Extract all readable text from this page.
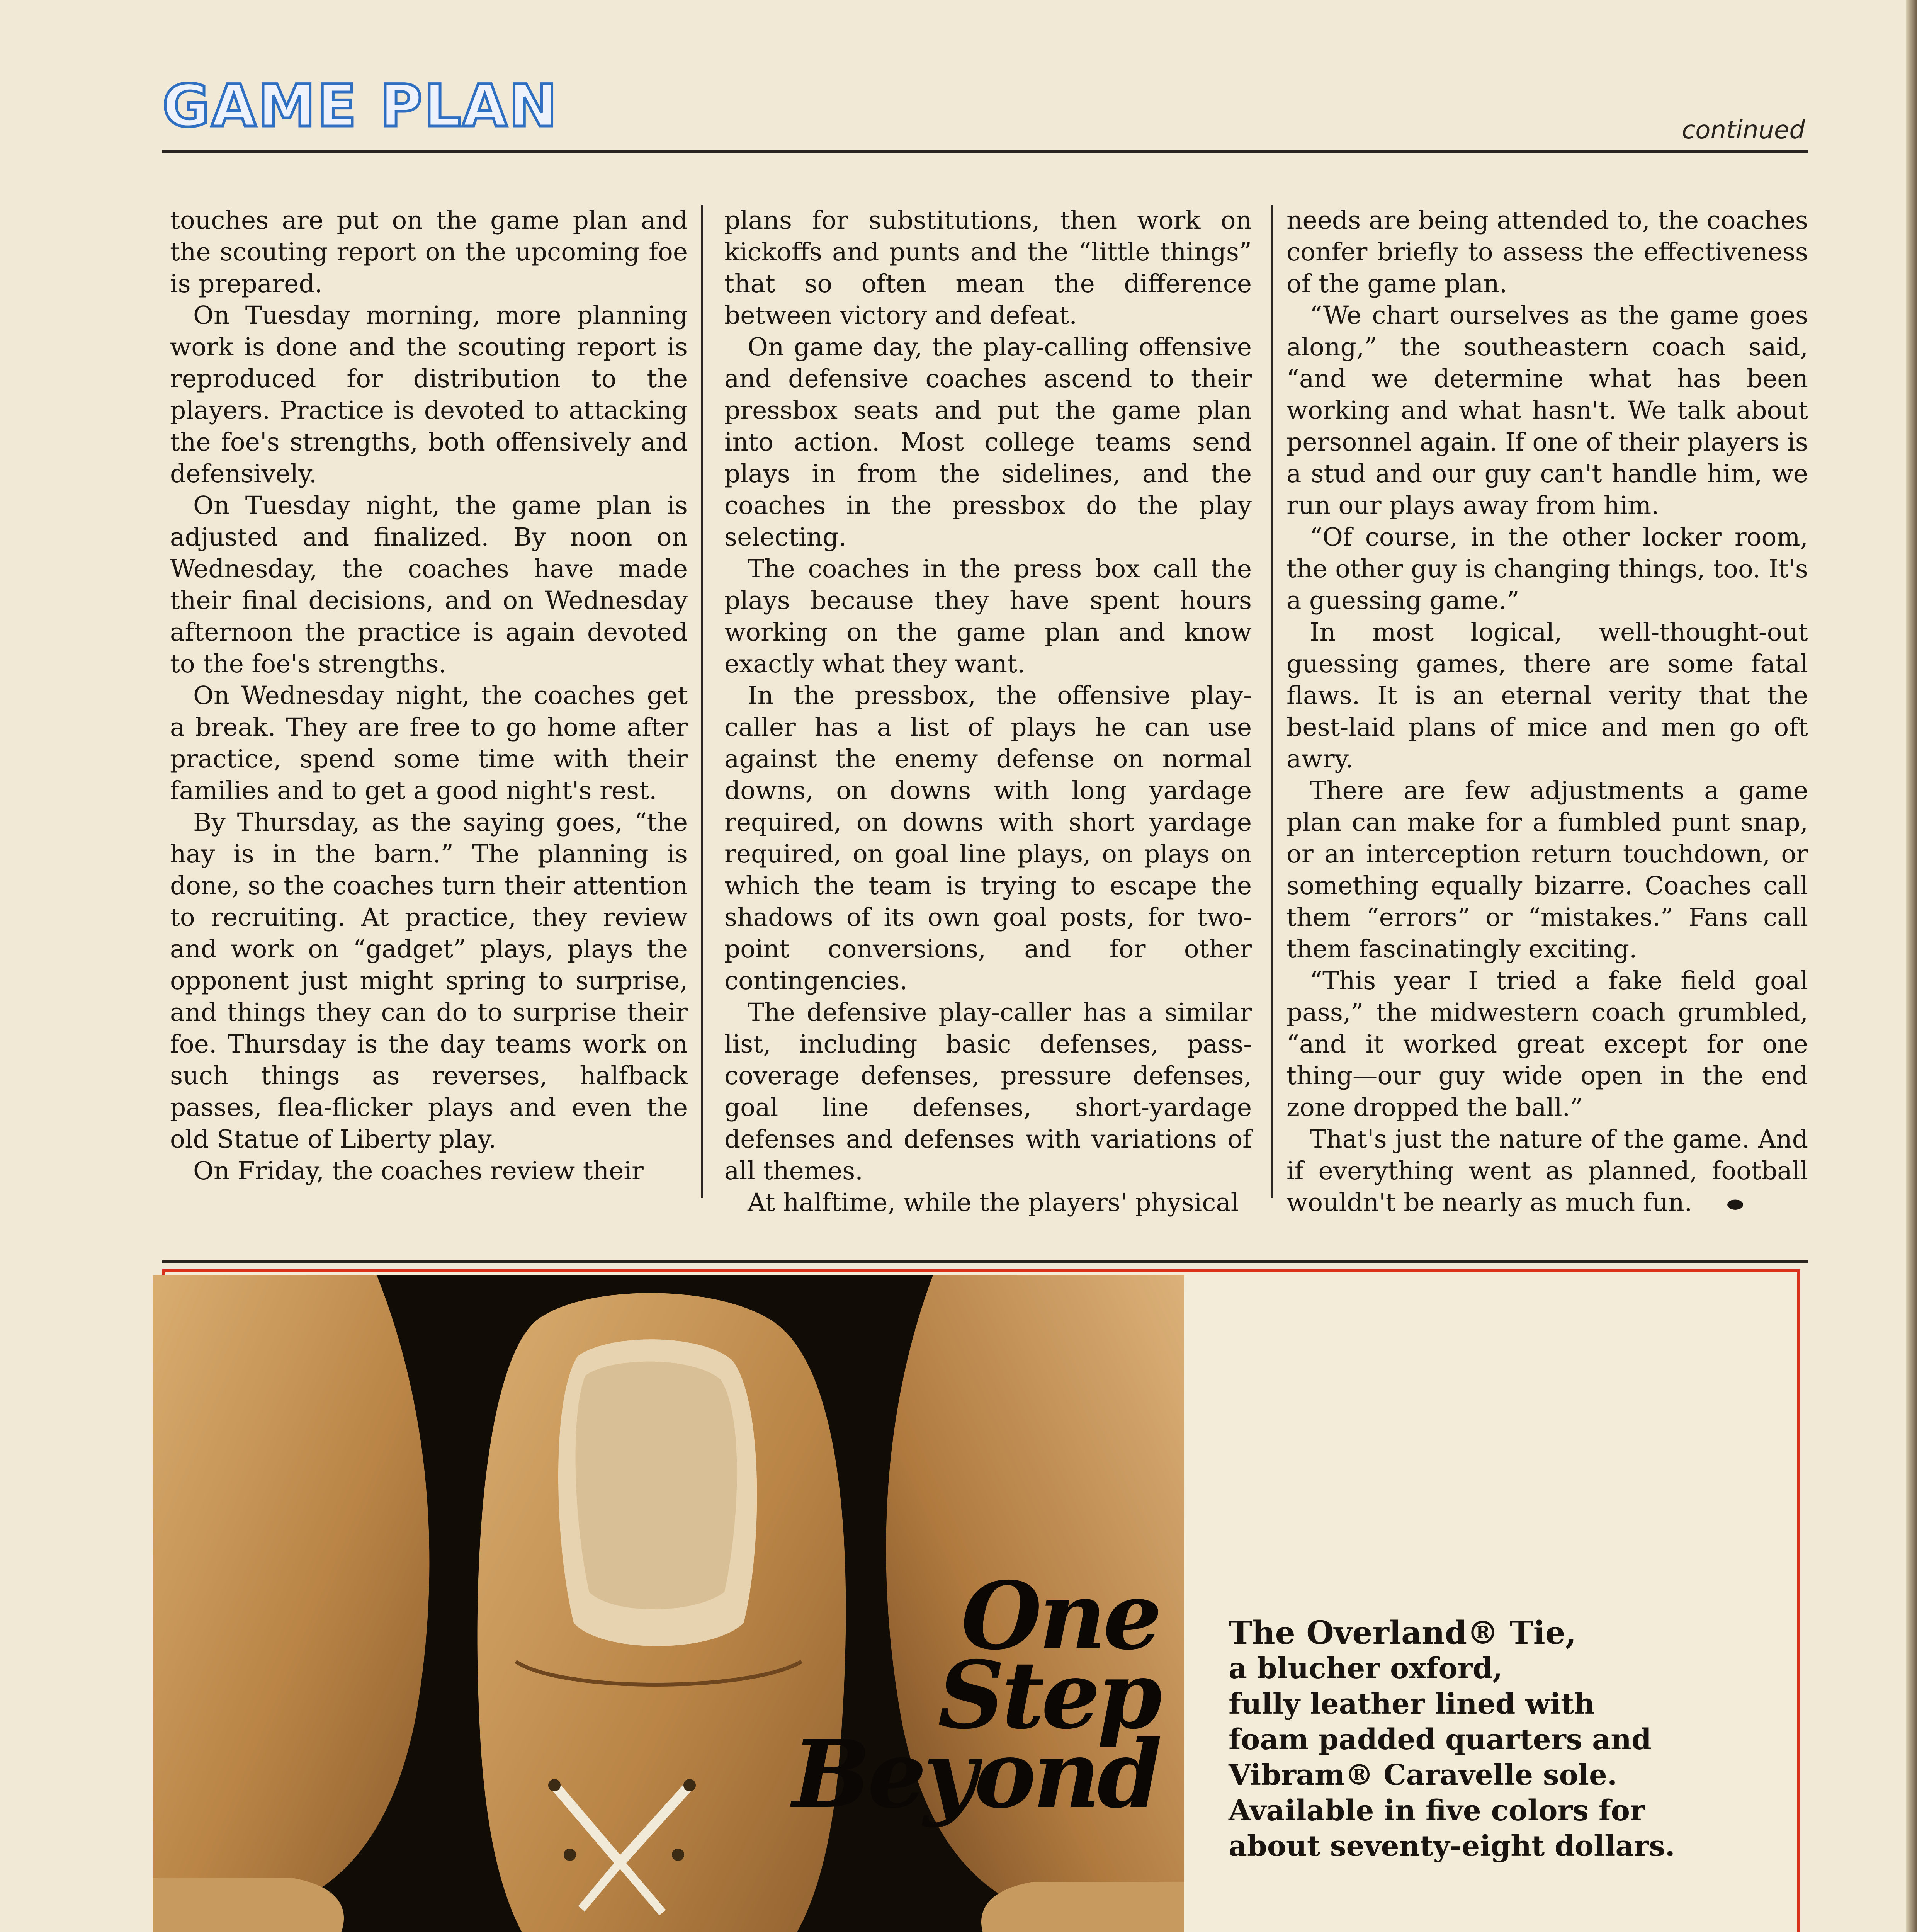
GAME PLAN	continued

touches are put on the game plan and the scouting report on the upcoming foe is prepared.

On Tuesday morning, more planning work is done and the scouting report is reproduced for distribution to the players. Practice is devoted to attacking the foe's strengths, both offensively and defensively.

On Tuesday night, the game plan is adjusted and finalized. By noon on Wednesday, the coaches have made their final decisions, and on Wednesday afternoon the practice is again devoted to the foe's strengths.

On Wednesday night, the coaches get a break. They are free to go home after practice, spend some time with their families and to get a good night's rest.

By Thursday, as the saying goes, “the hay is in the barn.” The planning is done, so the coaches turn their attention to recruiting. At practice, they review and work on “gadget” plays, plays the opponent just might spring to surprise, and things they can do to surprise their foe. Thursday is the day teams work on such things as reverses, halfback passes, flea-flicker plays and even the old Statue of Liberty play.

On Friday, the coaches review their

plans for substitutions, then work on kickoffs and punts and the “little things” that so often mean the difference between victory and defeat.

On game day, the play-calling offensive and defensive coaches ascend to their pressbox seats and put the game plan into action. Most college teams send plays in from the sidelines, and the coaches in the pressbox do the play selecting.

The coaches in the press box call the plays because they have spent hours working on the game plan and know exactly what they want.

In the pressbox, the offensive play-caller has a list of plays he can use against the enemy defense on normal downs, on downs with long yardage required, on downs with short yardage required, on goal line plays, on plays on which the team is trying to escape the shadows of its own goal posts, for two-point conversions, and for other contingencies.

The defensive play-caller has a similar list, including basic defenses, pass-coverage defenses, pressure defenses, goal line defenses, short-yardage defenses and defenses with variations of all themes.

At halftime, while the players' physical

needs are being attended to, the coaches confer briefly to assess the effectiveness of the game plan.

“We chart ourselves as the game goes along,” the southeastern coach said, “and we determine what has been working and what hasn't. We talk about personnel again. If one of their players is a stud and our guy can't handle him, we run our plays away from him.

“Of course, in the other locker room, the other guy is changing things, too. It's a guessing game.”

In most logical, well-thought-out guessing games, there are some fatal flaws. It is an eternal verity that the best-laid plans of mice and men go oft awry.

There are few adjustments a game plan can make for a fumbled punt snap, or an interception return touchdown, or something equally bizarre. Coaches call them “errors” or “mistakes.” Fans call them fascinatingly exciting.

“This year I tried a fake field goal pass,” the midwestern coach grumbled, “and it worked great except for one thing—our guy wide open in the end zone dropped the ball.”

That's just the nature of the game. And if everything went as planned, football wouldn't be nearly as much fun. ⬬

One
Step
Beyond
The Overland® Tie,
a blucher oxford,
fully leather lined with
foam padded quarters and
Vibram® Caravelle sole.
Available in five colors for
about seventy-eight dollars.
